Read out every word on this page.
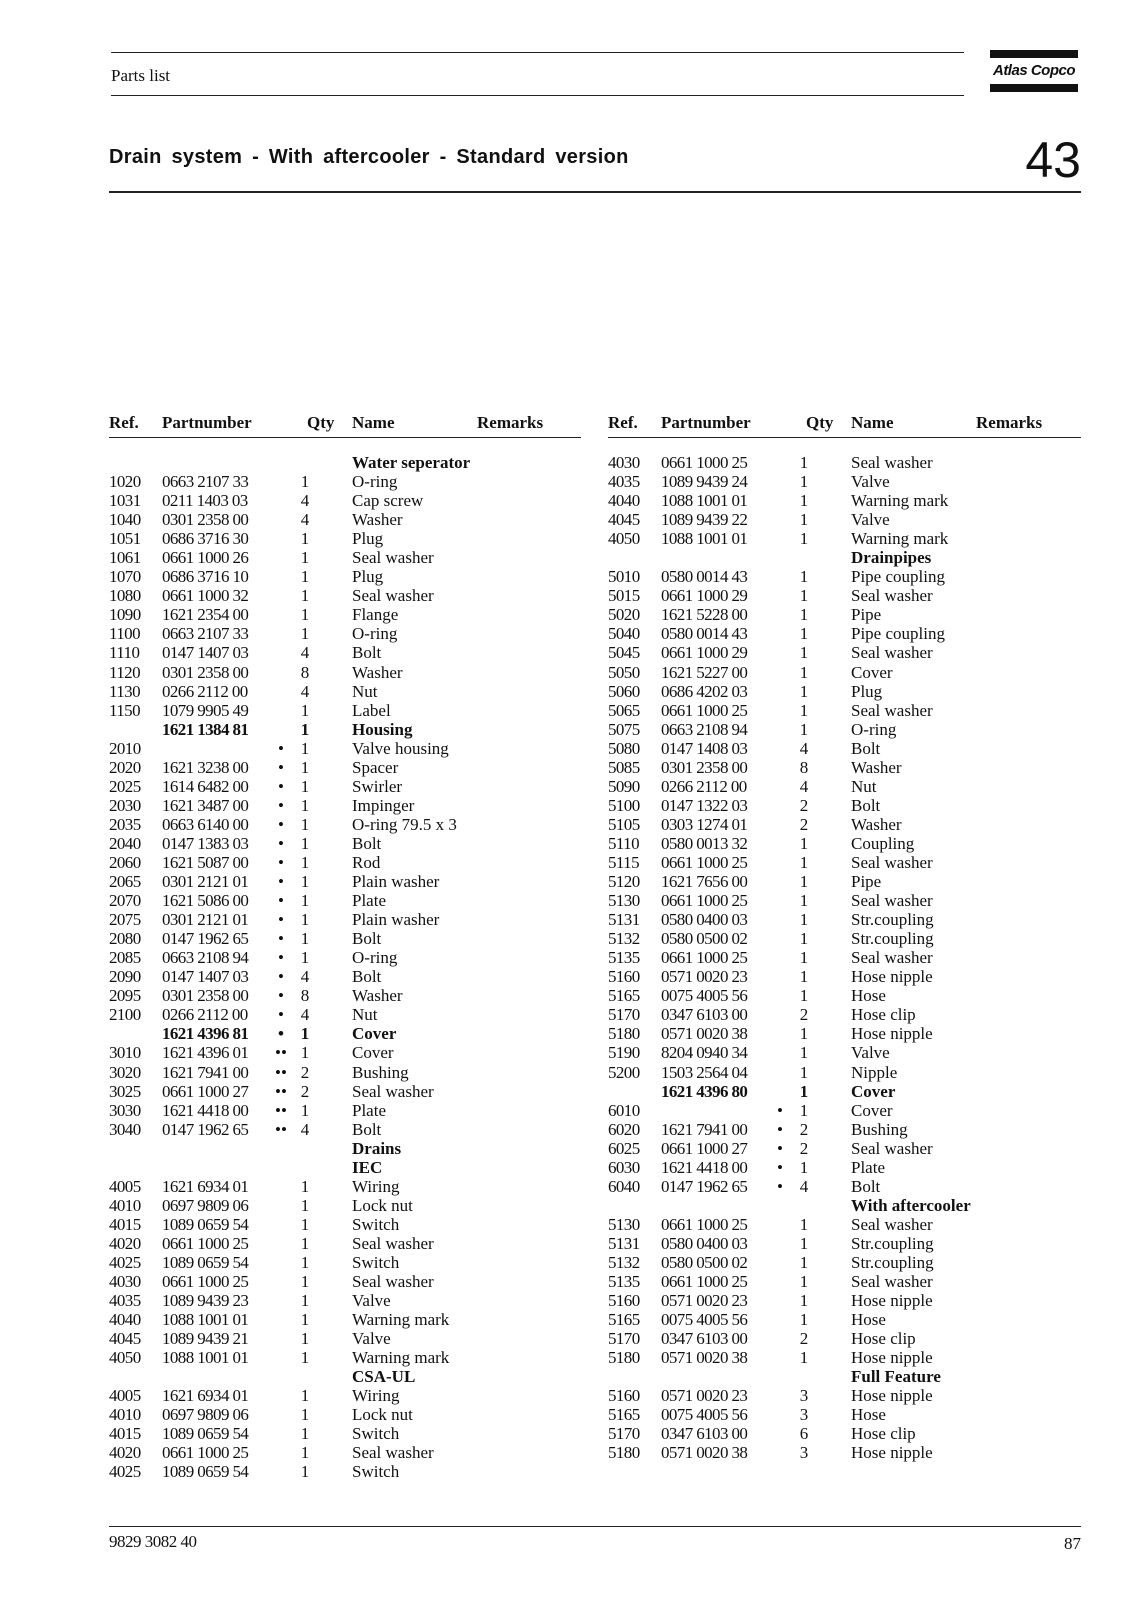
Parts list	Atlas Copco
Drain system - With aftercooler - Standard version	43
Ref. Partnumber	Qty Name	Remarks
Water seperator
1020 0663 2107 33	1	O-ring
1031 0211 1403 03	4	Cap screw
1040 0301 2358 00	4	Washer
1051 0686 3716 30	1	Plug
1061 0661 1000 26	1	Seal washer
1070 0686 3716 10	1	Plug
1080 0661 1000 32	1	Seal washer
1090 1621 2354 00	1	Flange
1100 0663 2107 33	1	O-ring
1110 0147 1407 03	4	Bolt
1120 0301 2358 00	8	Washer
1130 0266 2112 00	4	Nut
1150 1079 9905 49	1	Label
1621 1384 81	1	Housing
2010	• 1	Valve housing
2020 1621 3238 00	• 1	Spacer
2025 1614 6482 00	• 1	Swirler
2030 1621 3487 00	• 1	Impinger
2035 0663 6140 00	• 1	O-ring 79.5 x 3
2040 0147 1383 03	• 1	Bolt
2060 1621 5087 00	• 1	Rod
2065 0301 2121 01	• 1	Plain washer
2070 1621 5086 00	• 1	Plate
2075 0301 2121 01	• 1	Plain washer
2080 0147 1962 65	• 1	Bolt
2085 0663 2108 94	• 1	O-ring
2090 0147 1407 03	• 4	Bolt
2095 0301 2358 00	• 8	Washer
2100 0266 2112 00	• 4	Nut
1621 4396 81	• 1	Cover
3010 1621 4396 01	•• 1	Cover
3020 1621 7941 00	•• 2	Bushing
3025 0661 1000 27	•• 2	Seal washer
3030 1621 4418 00	•• 1	Plate
3040 0147 1962 65	•• 4	Bolt
Drains
IEC
4005 1621 6934 01	1	Wiring
4010 0697 9809 06	1	Lock nut
4015 1089 0659 54	1	Switch
4020 0661 1000 25	1	Seal washer
4025 1089 0659 54	1	Switch
4030 0661 1000 25	1	Seal washer
4035 1089 9439 23	1	Valve
4040 1088 1001 01	1	Warning mark
4045 1089 9439 21	1	Valve
4050 1088 1001 01	1	Warning mark
CSA-UL
4005 1621 6934 01	1	Wiring
4010 0697 9809 06	1	Lock nut
4015 1089 0659 54	1	Switch
4020 0661 1000 25	1	Seal washer
4025 1089 0659 54	1	Switch
Ref. Partnumber	Qty Name	Remarks
4030 0661 1000 25	1	Seal washer
4035 1089 9439 24	1	Valve
4040 1088 1001 01	1	Warning mark
4045 1089 9439 22	1	Valve
4050 1088 1001 01	1	Warning mark
Drainpipes
5010 0580 0014 43	1	Pipe coupling
5015 0661 1000 29	1	Seal washer
5020 1621 5228 00	1	Pipe
5040 0580 0014 43	1	Pipe coupling
5045 0661 1000 29	1	Seal washer
5050 1621 5227 00	1	Cover
5060 0686 4202 03	1	Plug
5065 0661 1000 25	1	Seal washer
5075 0663 2108 94	1	O-ring
5080 0147 1408 03	4	Bolt
5085 0301 2358 00	8	Washer
5090 0266 2112 00	4	Nut
5100 0147 1322 03	2	Bolt
5105 0303 1274 01	2	Washer
5110 0580 0013 32	1	Coupling
5115 0661 1000 25	1	Seal washer
5120 1621 7656 00	1	Pipe
5130 0661 1000 25	1	Seal washer
5131 0580 0400 03	1	Str.coupling
5132 0580 0500 02	1	Str.coupling
5135 0661 1000 25	1	Seal washer
5160 0571 0020 23	1	Hose nipple
5165 0075 4005 56	1	Hose
5170 0347 6103 00	2	Hose clip
5180 0571 0020 38	1	Hose nipple
5190 8204 0940 34	1	Valve
5200 1503 2564 04	1	Nipple
1621 4396 80	1	Cover
6010	• 1	Cover
6020 1621 7941 00	• 2	Bushing
6025 0661 1000 27	• 2	Seal washer
6030 1621 4418 00	• 1	Plate
6040 0147 1962 65	• 4	Bolt
With aftercooler
5130 0661 1000 25	1	Seal washer
5131 0580 0400 03	1	Str.coupling
5132 0580 0500 02	1	Str.coupling
5135 0661 1000 25	1	Seal washer
5160 0571 0020 23	1	Hose nipple
5165 0075 4005 56	1	Hose
5170 0347 6103 00	2	Hose clip
5180 0571 0020 38	1	Hose nipple
Full Feature
5160 0571 0020 23	3	Hose nipple
5165 0075 4005 56	3	Hose
5170 0347 6103 00	6	Hose clip
5180 0571 0020 38	3	Hose nipple
9829 3082 40	87
